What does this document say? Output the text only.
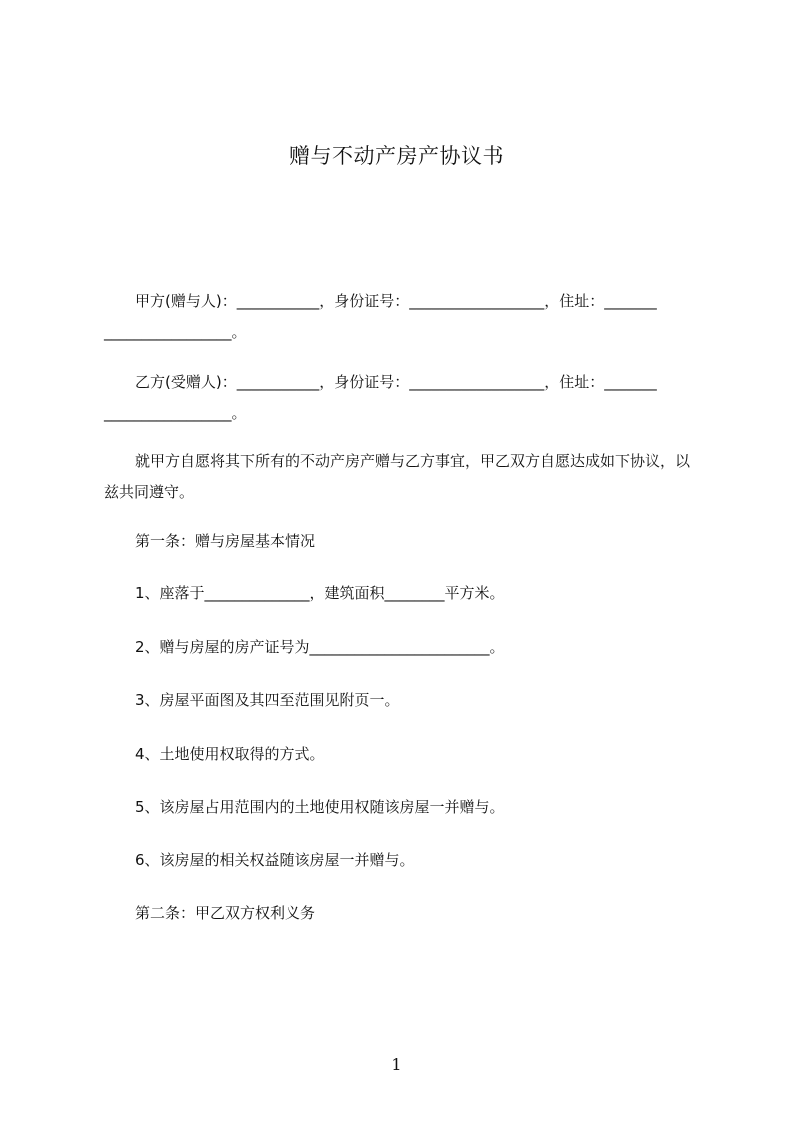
赠与不动产房产协议书

甲方(赠与人)：___________，身份证号：__________________，住址：_______ _________________。

乙方(受赠人)：___________，身份证号：__________________，住址：_______ _________________。

就甲方自愿将其下所有的不动产房产赠与乙方事宜，甲乙双方自愿达成如下协议，以兹共同遵守。

第一条：赠与房屋基本情况

1、座落于______________，建筑面积________平方米。

2、赠与房屋的房产证号为________________________。

3、房屋平面图及其四至范围见附页一。

4、土地使用权取得的方式。

5、该房屋占用范围内的土地使用权随该房屋一并赠与。

6、该房屋的相关权益随该房屋一并赠与。

第二条：甲乙双方权利义务

1
